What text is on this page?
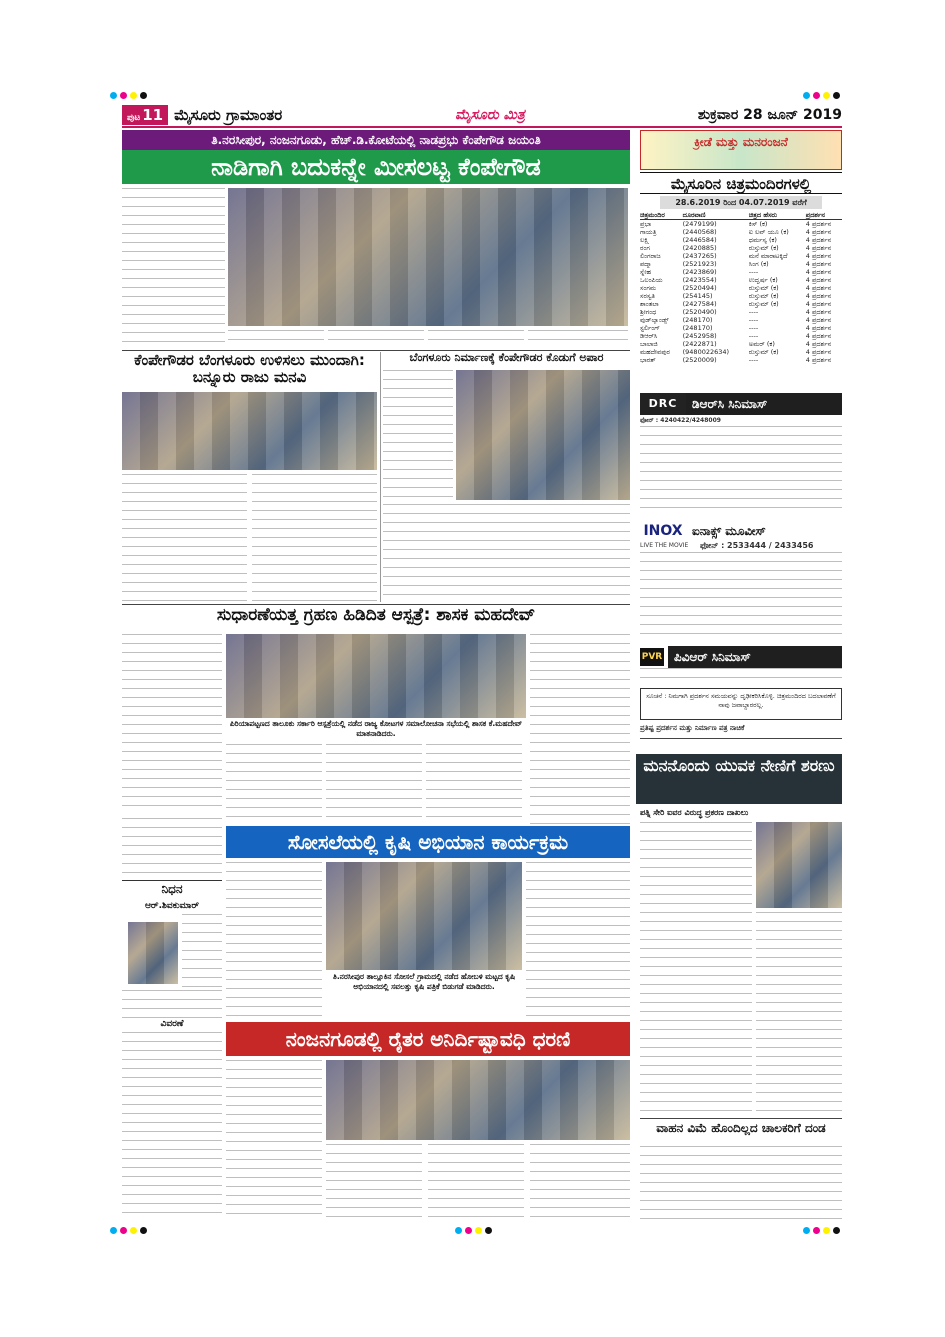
ಪುಟ 11 ಮೈಸೂರು ಗ್ರಾಮಾಂತರ	ಮೈಸೂರು ಮಿತ್ರ	ಶುಕ್ರವಾರ 28 ಜೂನ್ 2019
ತಿ.ನರಸೀಪುರ, ನಂಜನಗೂಡು, ಹೆಚ್.ಡಿ.ಕೋಟೆಯಲ್ಲಿ ನಾಡಪ್ರಭು ಕೆಂಪೇಗೌಡ ಜಯಂತಿ
ನಾಡಿಗಾಗಿ ಬದುಕನ್ನೇ ಮೀಸಲಟ್ಟ ಕೆಂಪೇಗೌಡ
ಕೆಂಪೇಗೌಡರ ಬೆಂಗಳೂರು ಉಳಿಸಲು ಮುಂದಾಗಿ: ಬನ್ನೂರು ರಾಜು ಮನವಿ
ಬೆಂಗಳೂರು ನಿರ್ಮಾಣಕ್ಕೆ ಕೆಂಪೇಗೌಡರ ಕೊಡುಗೆ ಅಪಾರ
ಸುಧಾರಣೆಯತ್ತ ಗ್ರಹಣ ಹಿಡಿದಿತ ಆಸ್ಪತ್ರೆ: ಶಾಸಕ ಮಹದೇವ್
ಪಿರಿಯಾಪಟ್ಟಣದ ತಾಲೂಕು ಸರ್ಕಾರಿ ಆಸ್ಪತ್ರೆಯಲ್ಲಿ ನಡೆದ ರಾಜ್ಯ ಕೋಟಗಳ ಸಮಾಲೋಚನಾ ಸಭೆಯಲ್ಲಿ ಶಾಸಕ ಕೆ.ಮಹದೇವ್ ಮಾತನಾಡಿದರು.
ಸೋಸಲೆಯಲ್ಲಿ ಕೃಷಿ ಅಭಿಯಾನ ಕಾರ್ಯಕ್ರಮ
ತಿ.ನರಸೀಪುರ ತಾಲ್ಲೂಕಿನ ಸೋಸಲೆ ಗ್ರಾಮದಲ್ಲಿ ನಡೆದ ಹೋಬಳಿ ಮಟ್ಟದ ಕೃಷಿ ಅಭಿಯಾನದಲ್ಲಿ ಸವಲತ್ತು ಕೃಷಿ ಪತ್ರಿಕೆ ಬಿಡುಗಡೆ ಮಾಡಿದರು.
ನಿಧನ
ಆರ್.ಶಿವಕುಮಾರ್
ವಿವರಣೆ
ನಂಜನಗೂಡಲ್ಲಿ ರೈತರ ಅನಿರ್ದಿಷ್ಟಾವಧಿ ಧರಣಿ
ಕ್ರೀಡೆ ಮತ್ತು ಮನರಂಜನೆ
ಮೈಸೂರಿನ ಚಿತ್ರಮಂದಿರಗಳಲ್ಲಿ
28.6.2019 ರಿಂದ 04.07.2019 ವರೆಗೆ
ಚಿತ್ರಮಂದಿರ	ದೂರವಾಣಿ	ಚಿತ್ರದ ಹೆಸರು	ಪ್ರದರ್ಶನ
ಪ್ರಭಾ	(2479199)	ಕಿಸ್ (ಕ)	4 ಪ್ರದರ್ಶನ
ಗಾಯತ್ರಿ	(2440568)	ಐ ಲವ್ ಯೂ (ಕ)	4 ಪ್ರದರ್ಶನ
ಲಕ್ಷ್ಮಿ	(2446584)	ಧರ್ಮಸ್ಯ (ಕ)	4 ಪ್ರದರ್ಶನ
ರಂಗ	(2420885)	ರುಸ್ತುಮ್ (ಕ)	4 ಪ್ರದರ್ಶನ
ಲಿಂಗರಾಜ	(2437265)	ಮನೆ ಮಾರಾಟಕ್ಕಿದೆ	4 ಪ್ರದರ್ಶನ
ಪದ್ಮಾ	(2521923)	ಸಿಂಗ (ಕ)	4 ಪ್ರದರ್ಶನ
ಸ್ನೇಹ	(2423869)	----	4 ಪ್ರದರ್ಶನ
ಒಲಂಪಿಯ	(2423554)	ಉದ್ಘರ್ಷ (ಕ)	4 ಪ್ರದರ್ಶನ
ಸಂಗಮ	(2520494)	ರುಸ್ತುಮ್ (ಕ)	4 ಪ್ರದರ್ಶನ
ಸರಸ್ವತಿ	(254145)	ರುಸ್ತುಮ್ (ಕ)	4 ಪ್ರದರ್ಶನ
ಶಾಂತಲಾ	(2427584)	ರುಸ್ತುಮ್ (ಕ)	4 ಪ್ರದರ್ಶನ
ಶ್ರೀಗಂಧ	(2520490)	----	4 ಪ್ರದರ್ಶನ
ವುಡ್‌ಲ್ಯಾಂಡ್ಸ್	(248170)	----	4 ಪ್ರದರ್ಶನ
ಸ್ಟರ್ಲಿಂಗ್	(248170)	----	4 ಪ್ರದರ್ಶನ
ಡಿಆರ್‌ಸಿ	(2452958)	----	4 ಪ್ರದರ್ಶನ
ಬಾಲಾಜಿ	(2422871)	ಅಮರ್ (ಕ)	4 ಪ್ರದರ್ಶನ
ಮಹದೇವಪುರ	(9480022634)	ರುಸ್ತುಮ್ (ಕ)	4 ಪ್ರದರ್ಶನ
ಭಾರತ್	(2520009)	----	4 ಪ್ರದರ್ಶನ
DRC	ಡಿಆರ್‌ಸಿ ಸಿನಿಮಾಸ್
ಫೋನ್ : 4240422/4248009
INOX ಐನಾಕ್ಸ್ ಮೂವೀಸ್
LIVE THE MOVIE	ಫೋನ್ : 2533444 / 2433456
PVR ಪಿವಿಆರ್ ಸಿನಿಮಾಸ್
ಸೂಚನೆ : ನಿಮಗಾಗಿ ಪ್ರದರ್ಶನ ಸಮಯವನ್ನು ದೃಢೀಕರಿಸಿಕೊಳ್ಳಿ. ಚಿತ್ರಮಂದಿರದ ಬದಲಾವಣೆಗೆ ನಾವು ಜವಾಬ್ದಾರರಲ್ಲ.
ಪ್ರತಿಷ್ಟ ಪ್ರದರ್ಶನ ಮತ್ತು ನಿರ್ಮಾಣ ಪತ್ರ ನಾಚಿಕೆ
ಮನನೊಂದು ಯುವಕ ನೇಣಿಗೆ ಶರಣು
ಪತ್ನಿ ಸೇರಿ ಐವರ ವಿರುದ್ಧ ಪ್ರಕರಣ ದಾಖಲು
ವಾಹನ ವಿಮೆ ಹೊಂದಿಲ್ಲದ ಚಾಲಕರಿಗೆ ದಂಡ
